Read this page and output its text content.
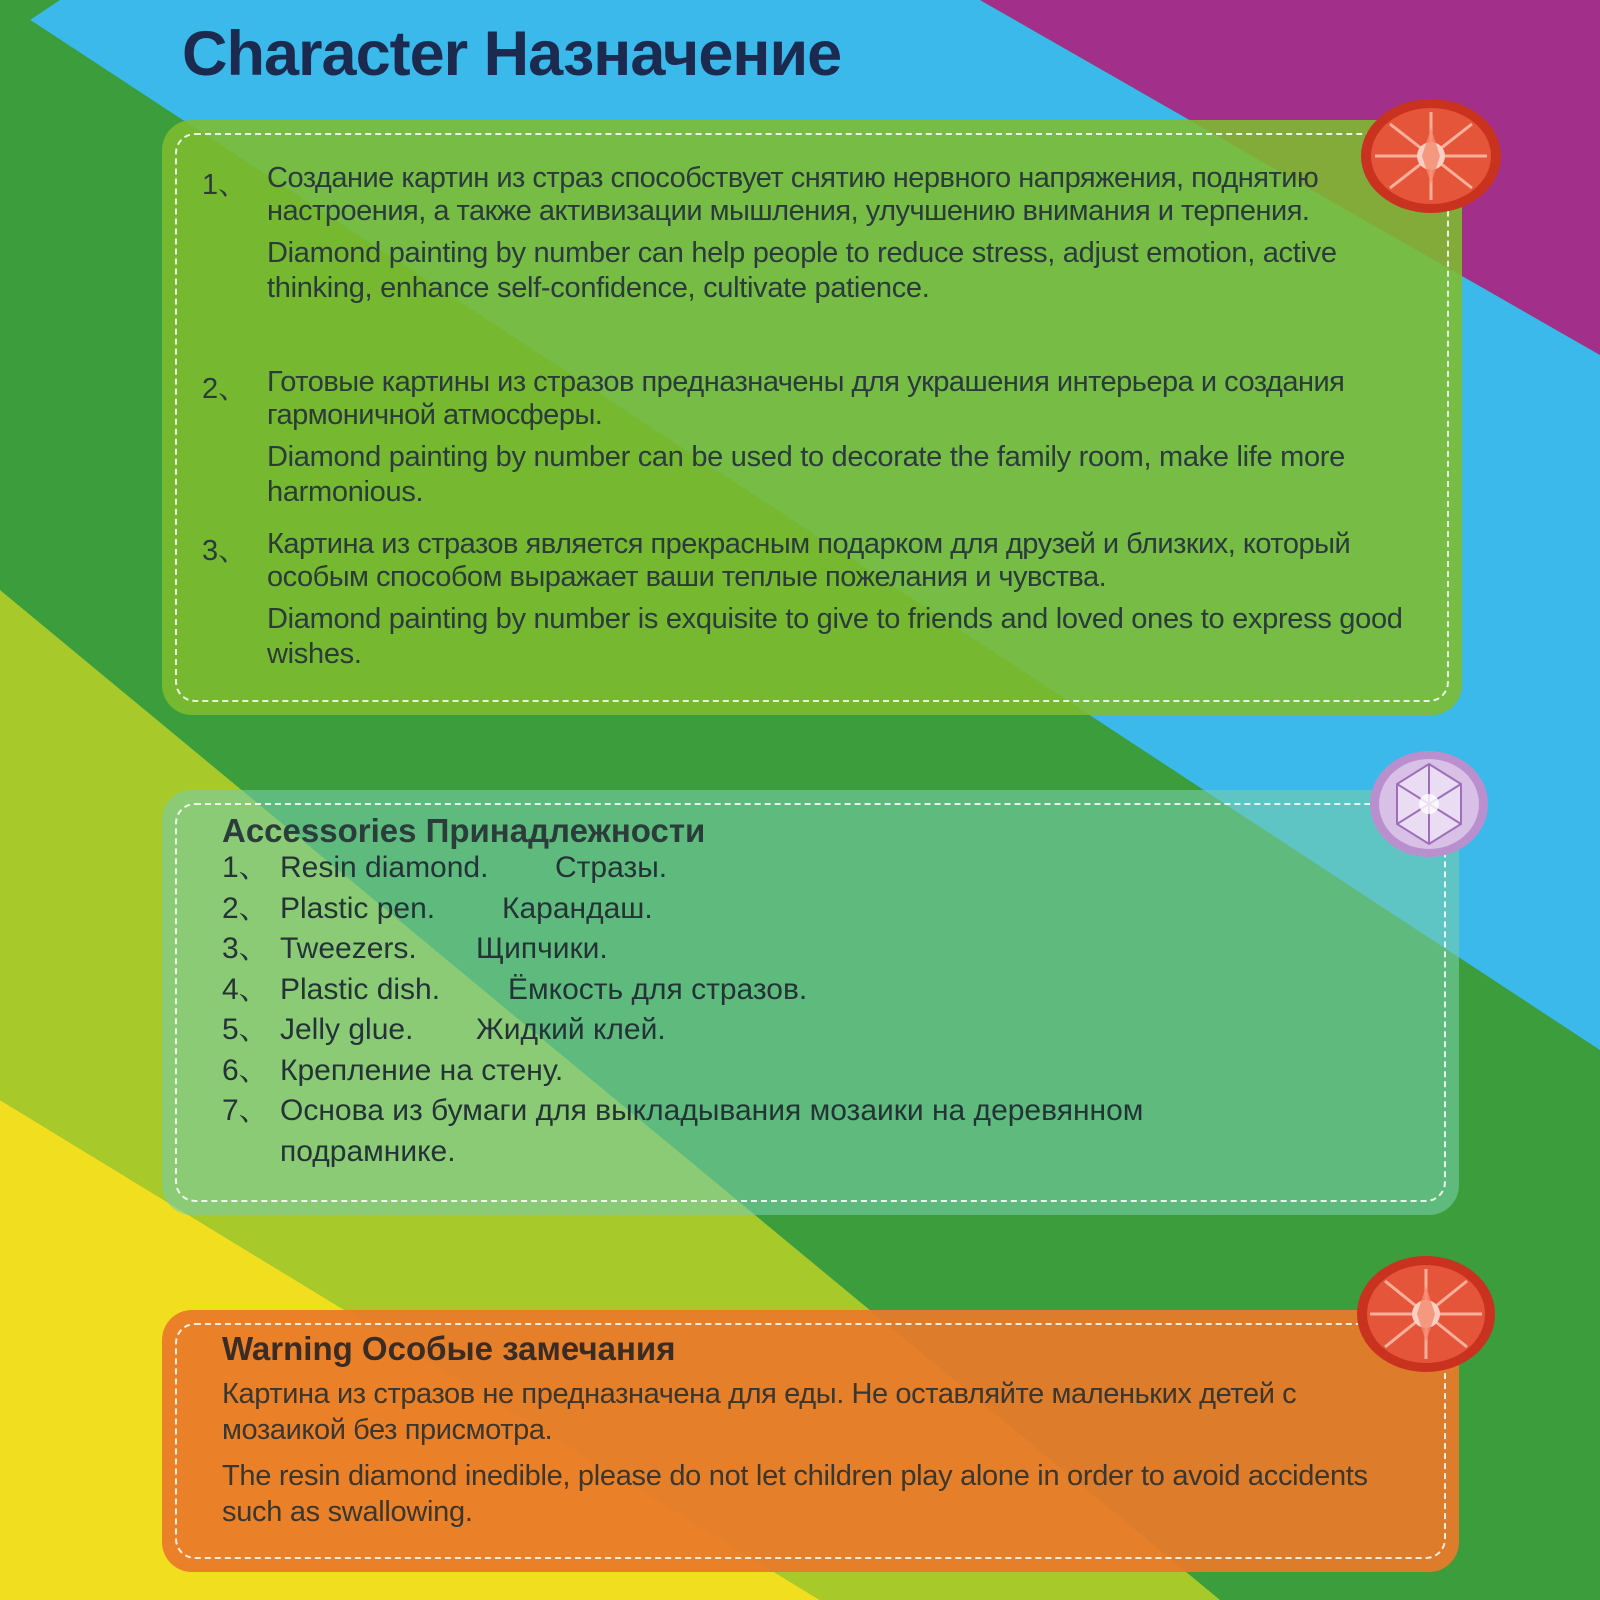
Character Назначение
1、 Создание картин из страз способствует снятию нервного напряжения, поднятию настроения, а также активизации мышления, улучшению внимания и терпения.

Diamond painting by number can help people to reduce stress, adjust emotion, active thinking, enhance self-confidence, cultivate patience.

2、 Готовые картины из стразов предназначены для украшения интерьера и создания гармоничной атмосферы.

Diamond painting by number can be used to decorate the family room, make life more harmonious.

3、 Картина из стразов является прекрасным подарком для друзей и близких, который особым способом выражает ваши теплые пожелания и чувства.

Diamond painting by number is exquisite to give to friends and loved ones to express good wishes.

Accessories Принадлежности
1、 Resin diamond. Стразы.
2、 Plastic pen. Карандаш.
3、 Tweezers. Щипчики.
4、 Plastic dish. Ёмкость для стразов.
5、 Jelly glue. Жидкий клей.
6、 Крепление на стену.
7、 Основа из бумаги для выкладывания мозаики на деревянном подрамнике.
Warning Особые замечания

Картина из стразов не предназначена для еды. Не оставляйте маленьких детей с мозаикой без присмотра.

The resin diamond inedible, please do not let children play alone in order to avoid accidents such as swallowing.
